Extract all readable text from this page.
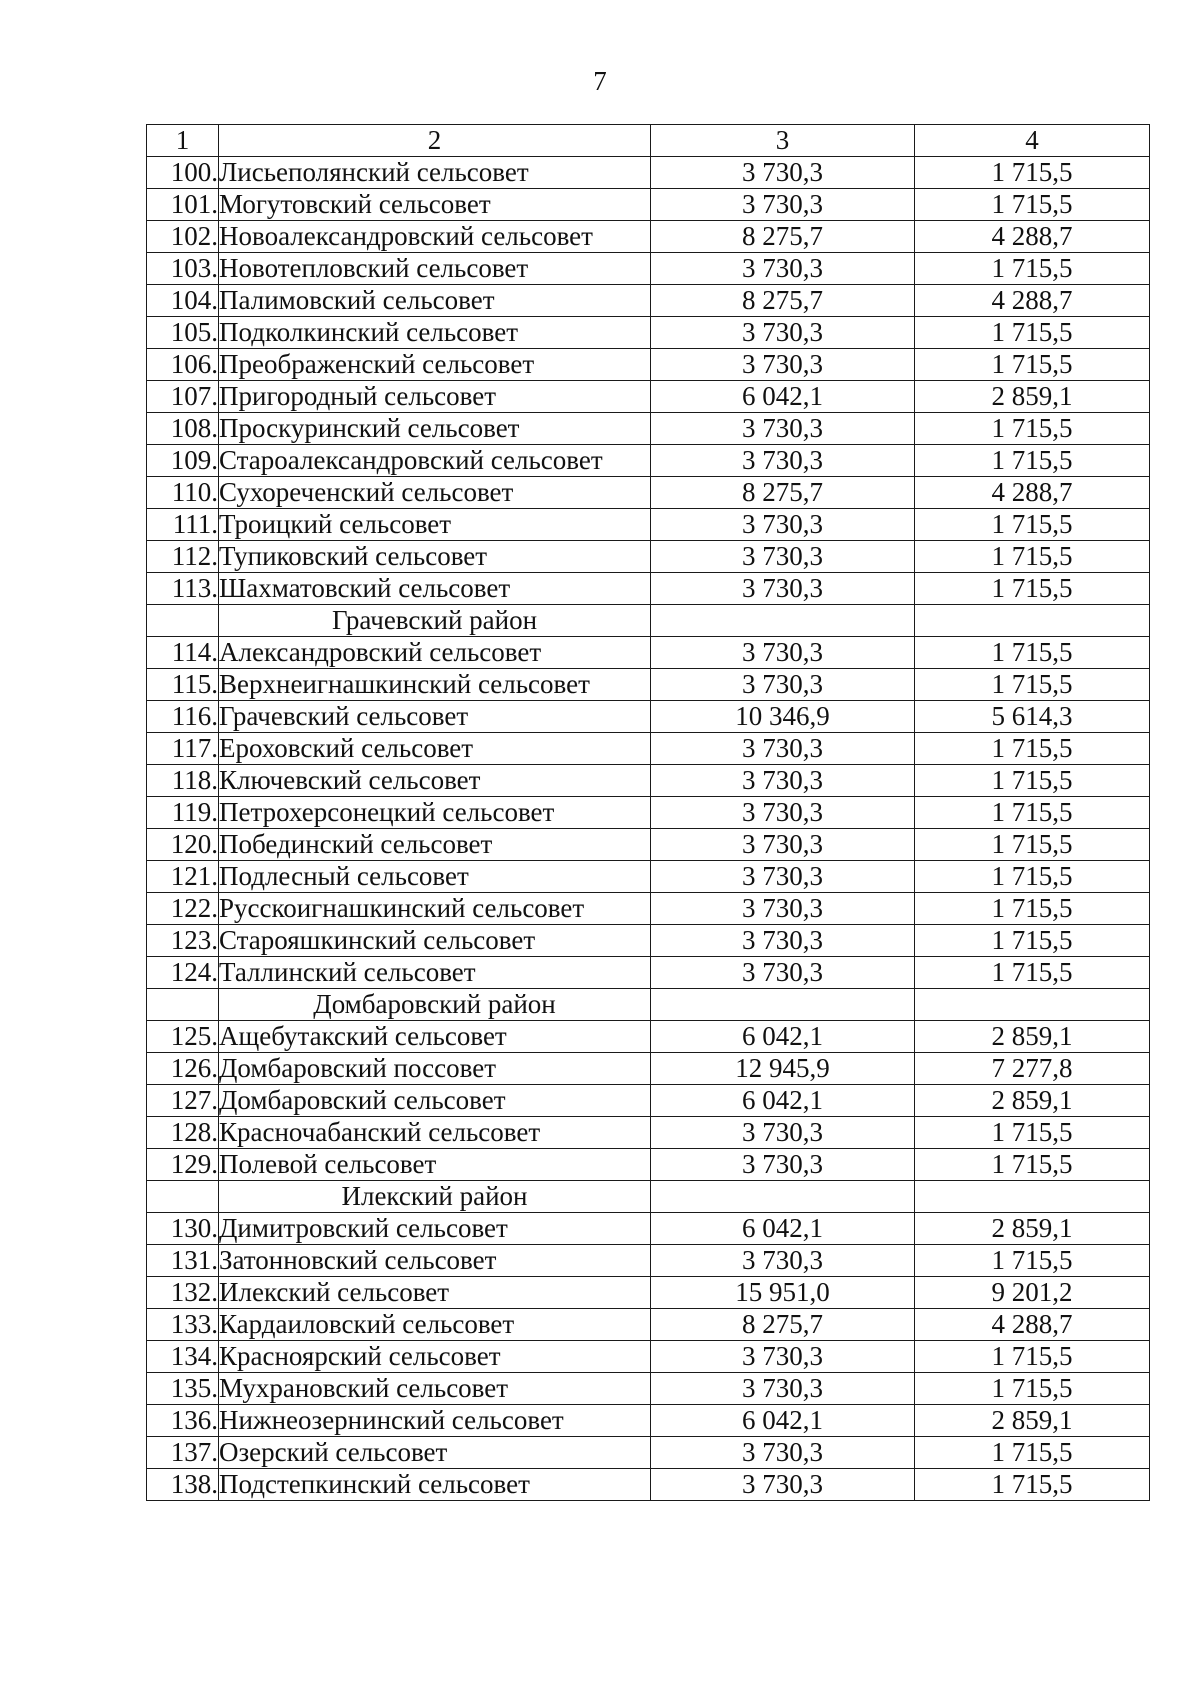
7
1	2	3	4
100.	Лисьеполянский сельсовет	3 730,3	1 715,5
101.	Могутовский сельсовет	3 730,3	1 715,5
102.	Новоалександровский сельсовет	8 275,7	4 288,7
103.	Новотепловский сельсовет	3 730,3	1 715,5
104.	Палимовский сельсовет	8 275,7	4 288,7
105.	Подколкинский сельсовет	3 730,3	1 715,5
106.	Преображенский сельсовет	3 730,3	1 715,5
107.	Пригородный сельсовет	6 042,1	2 859,1
108.	Проскуринский сельсовет	3 730,3	1 715,5
109.	Староалександровский сельсовет	3 730,3	1 715,5
110.	Сухореченский сельсовет	8 275,7	4 288,7
111.	Троицкий сельсовет	3 730,3	1 715,5
112.	Тупиковский сельсовет	3 730,3	1 715,5
113.	Шахматовский сельсовет	3 730,3	1 715,5
	Грачевский район		
114.	Александровский сельсовет	3 730,3	1 715,5
115.	Верхнеигнашкинский сельсовет	3 730,3	1 715,5
116.	Грачевский сельсовет	10 346,9	5 614,3
117.	Ероховский сельсовет	3 730,3	1 715,5
118.	Ключевский сельсовет	3 730,3	1 715,5
119.	Петрохерсонецкий сельсовет	3 730,3	1 715,5
120.	Побединский сельсовет	3 730,3	1 715,5
121.	Подлесный сельсовет	3 730,3	1 715,5
122.	Русскоигнашкинский сельсовет	3 730,3	1 715,5
123.	Старояшкинский сельсовет	3 730,3	1 715,5
124.	Таллинский сельсовет	3 730,3	1 715,5
	Домбаровский район		
125.	Ащебутакский сельсовет	6 042,1	2 859,1
126.	Домбаровский поссовет	12 945,9	7 277,8
127.	Домбаровский сельсовет	6 042,1	2 859,1
128.	Красночабанский сельсовет	3 730,3	1 715,5
129.	Полевой сельсовет	3 730,3	1 715,5
	Илекский район		
130.	Димитровский сельсовет	6 042,1	2 859,1
131.	Затонновский сельсовет	3 730,3	1 715,5
132.	Илекский сельсовет	15 951,0	9 201,2
133.	Кардаиловский сельсовет	8 275,7	4 288,7
134.	Красноярский сельсовет	3 730,3	1 715,5
135.	Мухрановский сельсовет	3 730,3	1 715,5
136.	Нижнеозернинский сельсовет	6 042,1	2 859,1
137.	Озерский сельсовет	3 730,3	1 715,5
138.	Подстепкинский сельсовет	3 730,3	1 715,5
